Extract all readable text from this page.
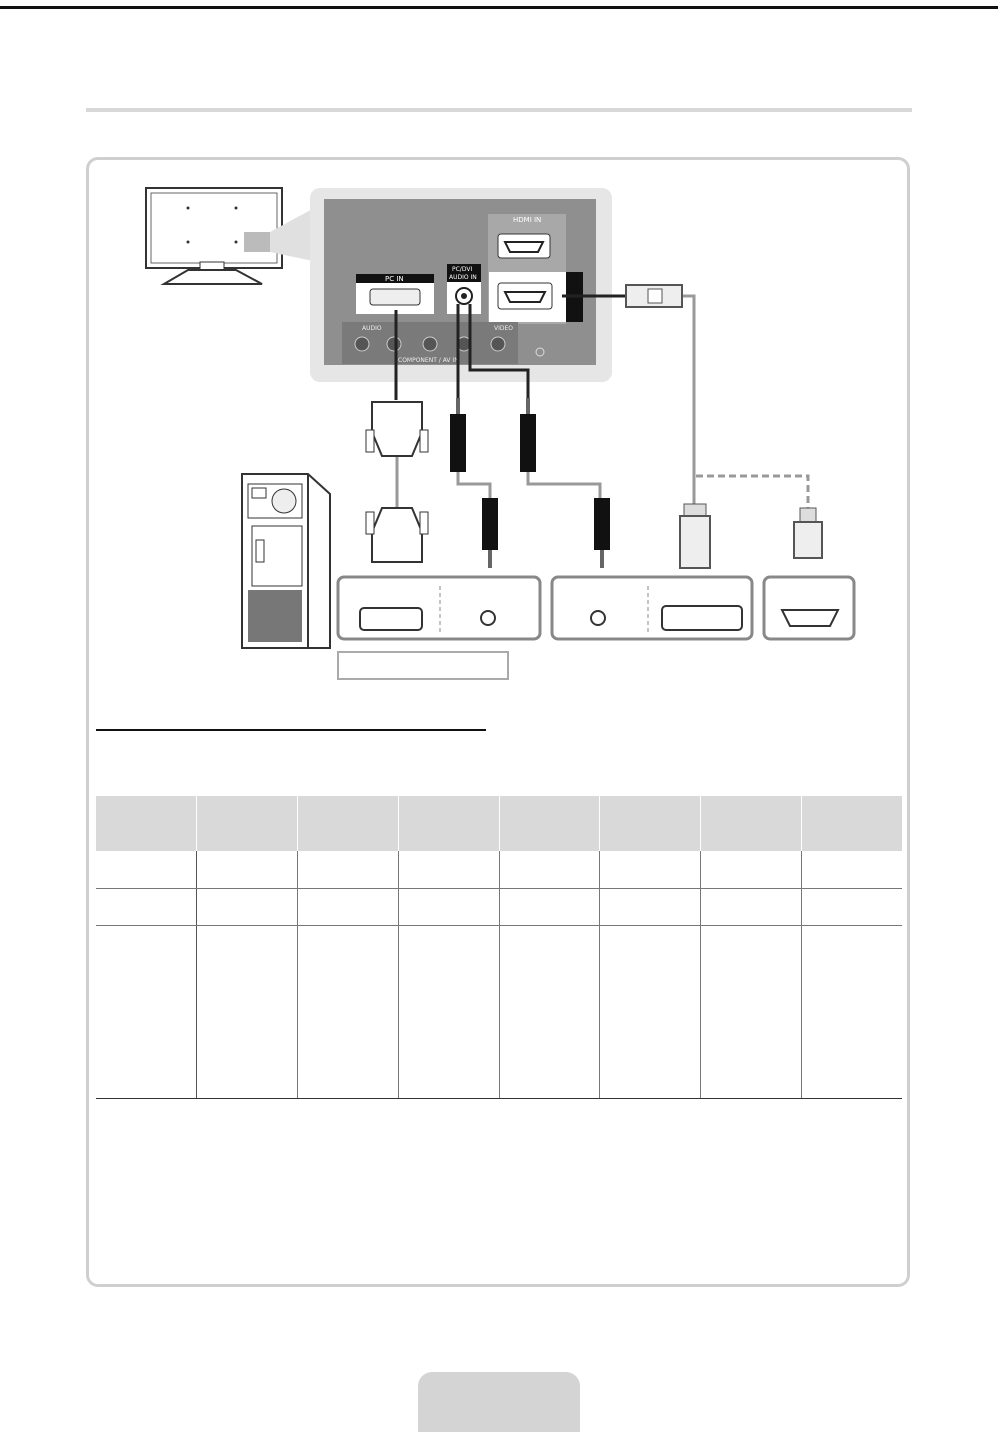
HDMI IN
PC IN
PC/DVI
AUDIO IN
AUDIO	VIDEO
COMPONENT / AV IN
